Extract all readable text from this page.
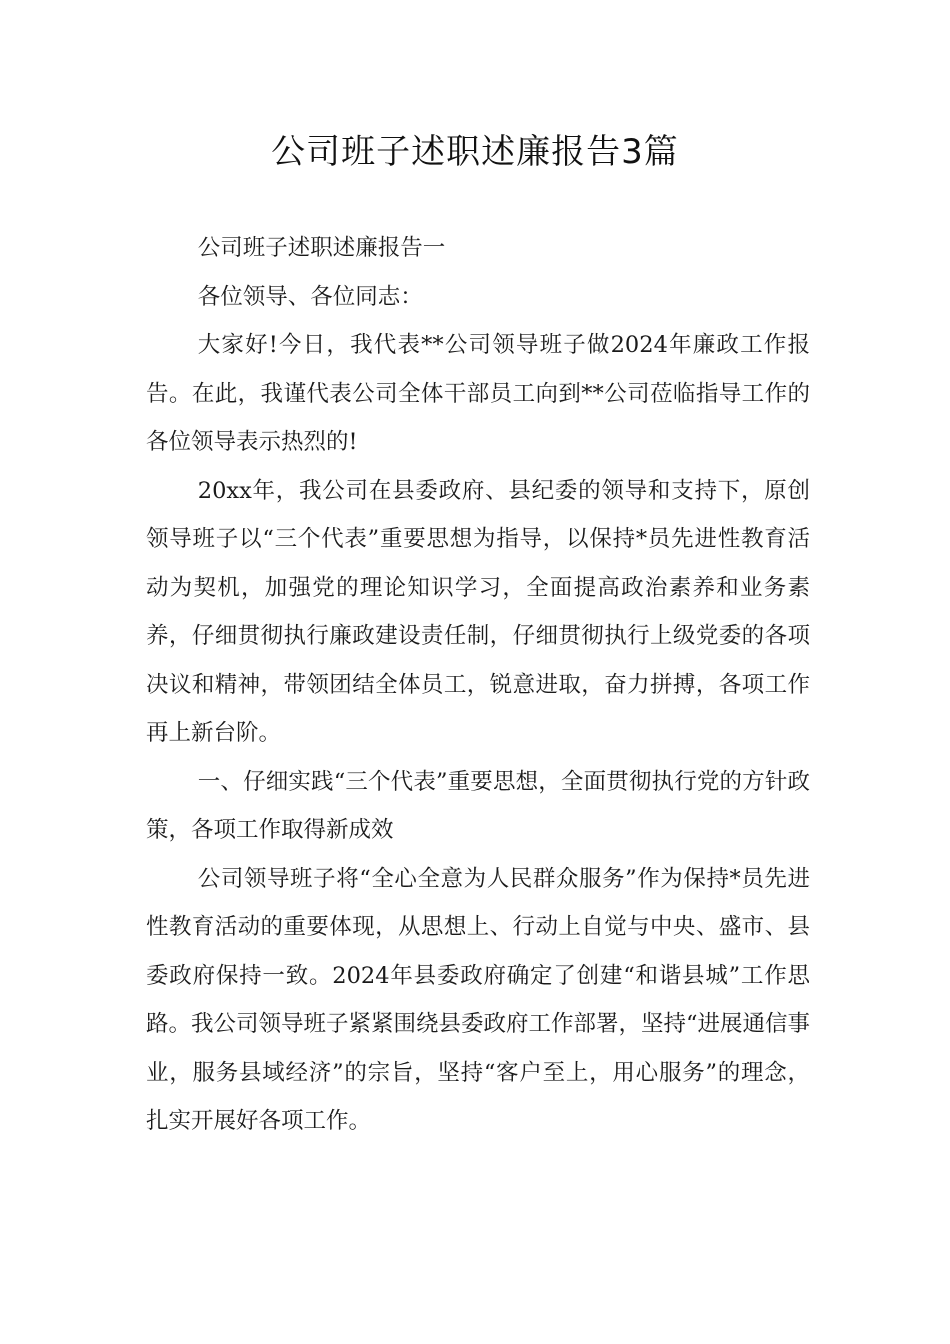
公司班子述职述廉报告3篇

公司班子述职述廉报告一

各位领导、各位同志：

大家好!今日，我代表**公司领导班子做2024年廉政工作报告。在此，我谨代表公司全体干部员工向到**公司莅临指导工作的各位领导表示热烈的!

20xx年，我公司在县委政府、县纪委的领导和支持下，原创领导班子以“三个代表”重要思想为指导，以保持*员先进性教育活动为契机，加强党的理论知识学习，全面提高政治素养和业务素养，仔细贯彻执行廉政建设责任制，仔细贯彻执行上级党委的各项决议和精神，带领团结全体员工，锐意进取，奋力拼搏，各项工作再上新台阶。

一、仔细实践“三个代表”重要思想，全面贯彻执行党的方针政策，各项工作取得新成效

公司领导班子将“全心全意为人民群众服务”作为保持*员先进性教育活动的重要体现，从思想上、行动上自觉与中央、盛市、县委政府保持一致。2024年县委政府确定了创建“和谐县城”工作思路。我公司领导班子紧紧围绕县委政府工作部署，坚持“进展通信事业，服务县域经济”的宗旨，坚持“客户至上，用心服务”的理念，扎实开展好各项工作。
